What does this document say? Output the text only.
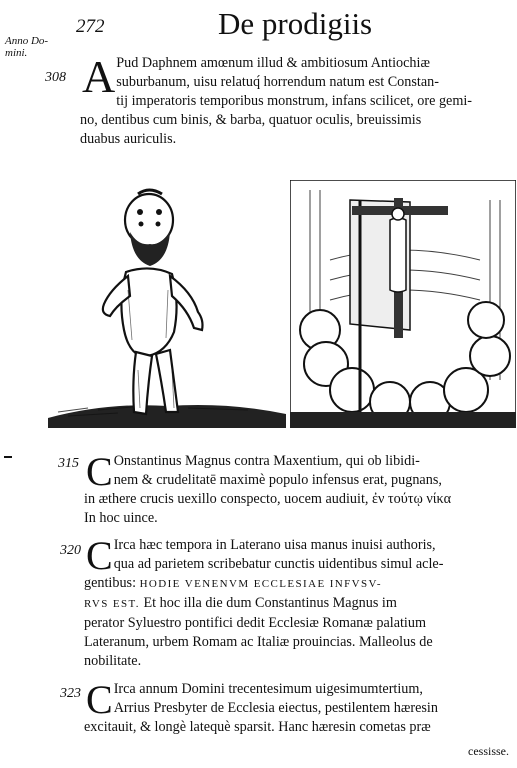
Anno Do-
mini.
272	De prodigiis
308 A Pud Daphnem amœnum illud & ambitiosum Antiochiæ
suburbanum, uisu relatuq́ horrendum natum est Constan-
tij imperatoris temporibus monstrum, infans scilicet, ore gemi-
no, dentibus cum binis, & barba, quatuor oculis, breuissimis
duabus auriculis.
315 C Onstantinus Magnus contra Maxentium, qui ob libidi-
nem & crudelitatē maximè populo infensus erat, pugnans,
in æthere crucis uexillo conspecto, uocem audiuit, ἐν τούτῳ νίκα
In hoc uince.
320 C Irca hæc tempora in Laterano uisa manus inuisi authoris,
qua ad parietem scribebatur cunctis uidentibus simul acle-
gentibus: HODIE VENENVM ECCLESIAE INFVSV-
RVS EST. Et hoc illa die dum Constantinus Magnus im
perator Syluestro pontifici dedit Ecclesiæ Romanæ palatium
Lateranum, urbem Romam ac Italiæ prouincias. Malleolus de
nobilitate.
323 C Irca annum Domini trecentesimum uigesimumtertium,
Arrius Presbyter de Ecclesia eiectus, pestilentem hæresin
excitauit, & longè latequè sparsit. Hanc hæresin cometas præ
cessisse.
